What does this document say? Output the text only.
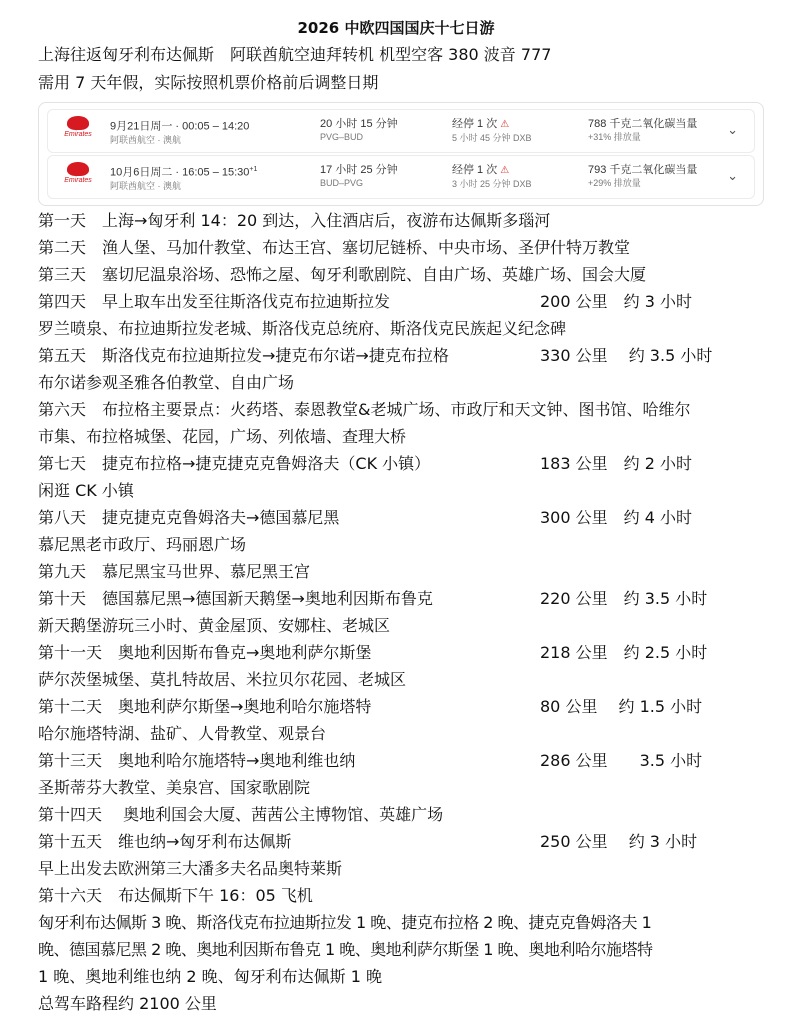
2026 中欧四国国庆十七日游
上海往返匈牙利布达佩斯　阿联酋航空迪拜转机 机型空客 380 波音 777
需用 7 天年假，实际按照机票价格前后调整日期
Emirates
9月21日周一 · 00:05 – 14:20
阿联酋航空 · 澳航
20 小时 15 分钟
PVG–BUD
经停 1 次 ⚠
5 小时 45 分钟 DXB
788 千克二氧化碳当量
+31% 排放量	⌄
Emirates
10月6日周二 · 16:05 – $15:30^{+1}$
阿联酋航空 · 澳航
17 小时 25 分钟
BUD–PVG
经停 1 次 ⚠
3 小时 25 分钟 DXB
793 千克二氧化碳当量
+29% 排放量	⌄
第一天　上海→匈牙利 14：20 到达，入住酒店后，夜游布达佩斯多瑙河
第二天　渔人堡、马加什教堂、布达王宫、塞切尼链桥、中央市场、圣伊什特万教堂
第三天　塞切尼温泉浴场、恐怖之屋、匈牙利歌剧院、自由广场、英雄广场、国会大厦
第四天　早上取车出发至往斯洛伐克布拉迪斯拉发	200 公里　约 3 小时
罗兰喷泉、布拉迪斯拉发老城、斯洛伐克总统府、斯洛伐克民族起义纪念碑
第五天　斯洛伐克布拉迪斯拉发→捷克布尔诺→捷克布拉格	330 公里　 约 3.5 小时
布尔诺参观圣雅各伯教堂、自由广场
第六天　布拉格主要景点：火药塔、泰恩教堂&老城广场、市政厅和天文钟、图书馆、哈维尔
市集、布拉格城堡、花园，广场、列侬墙、查理大桥
第七天　捷克布拉格→捷克捷克克鲁姆洛夫（CK 小镇）	183 公里　约 2 小时
闲逛 CK 小镇
第八天　捷克捷克克鲁姆洛夫→德国慕尼黑	300 公里　约 4 小时
慕尼黑老市政厅、玛丽恩广场
第九天　慕尼黑宝马世界、慕尼黑王宫
第十天　德国慕尼黑→德国新天鹅堡→奥地利因斯布鲁克	220 公里　约 3.5 小时
新天鹅堡游玩三小时、黄金屋顶、安娜柱、老城区
第十一天　奥地利因斯布鲁克→奥地利萨尔斯堡	218 公里　约 2.5 小时
萨尔茨堡城堡、莫扎特故居、米拉贝尔花园、老城区
第十二天　奥地利萨尔斯堡→奥地利哈尔施塔特	80 公里　 约 1.5 小时
哈尔施塔特湖、盐矿、人骨教堂、观景台
第十三天　奥地利哈尔施塔特→奥地利维也纳	286 公里　　3.5 小时
圣斯蒂芬大教堂、美泉宫、国家歌剧院
第十四天　 奥地利国会大厦、茜茜公主博物馆、英雄广场
第十五天　维也纳→匈牙利布达佩斯	250 公里　 约 3 小时
早上出发去欧洲第三大潘多夫名品奥特莱斯
第十六天　布达佩斯下午 16：05 飞机
匈牙利布达佩斯 3 晚、斯洛伐克布拉迪斯拉发 1 晚、捷克布拉格 2 晚、捷克克鲁姆洛夫 1
晚、德国慕尼黑 2 晚、奥地利因斯布鲁克 1 晚、奥地利萨尔斯堡 1 晚、奥地利哈尔施塔特
1 晚、奥地利维也纳 2 晚、匈牙利布达佩斯 1 晚
总驾车路程约 2100 公里
